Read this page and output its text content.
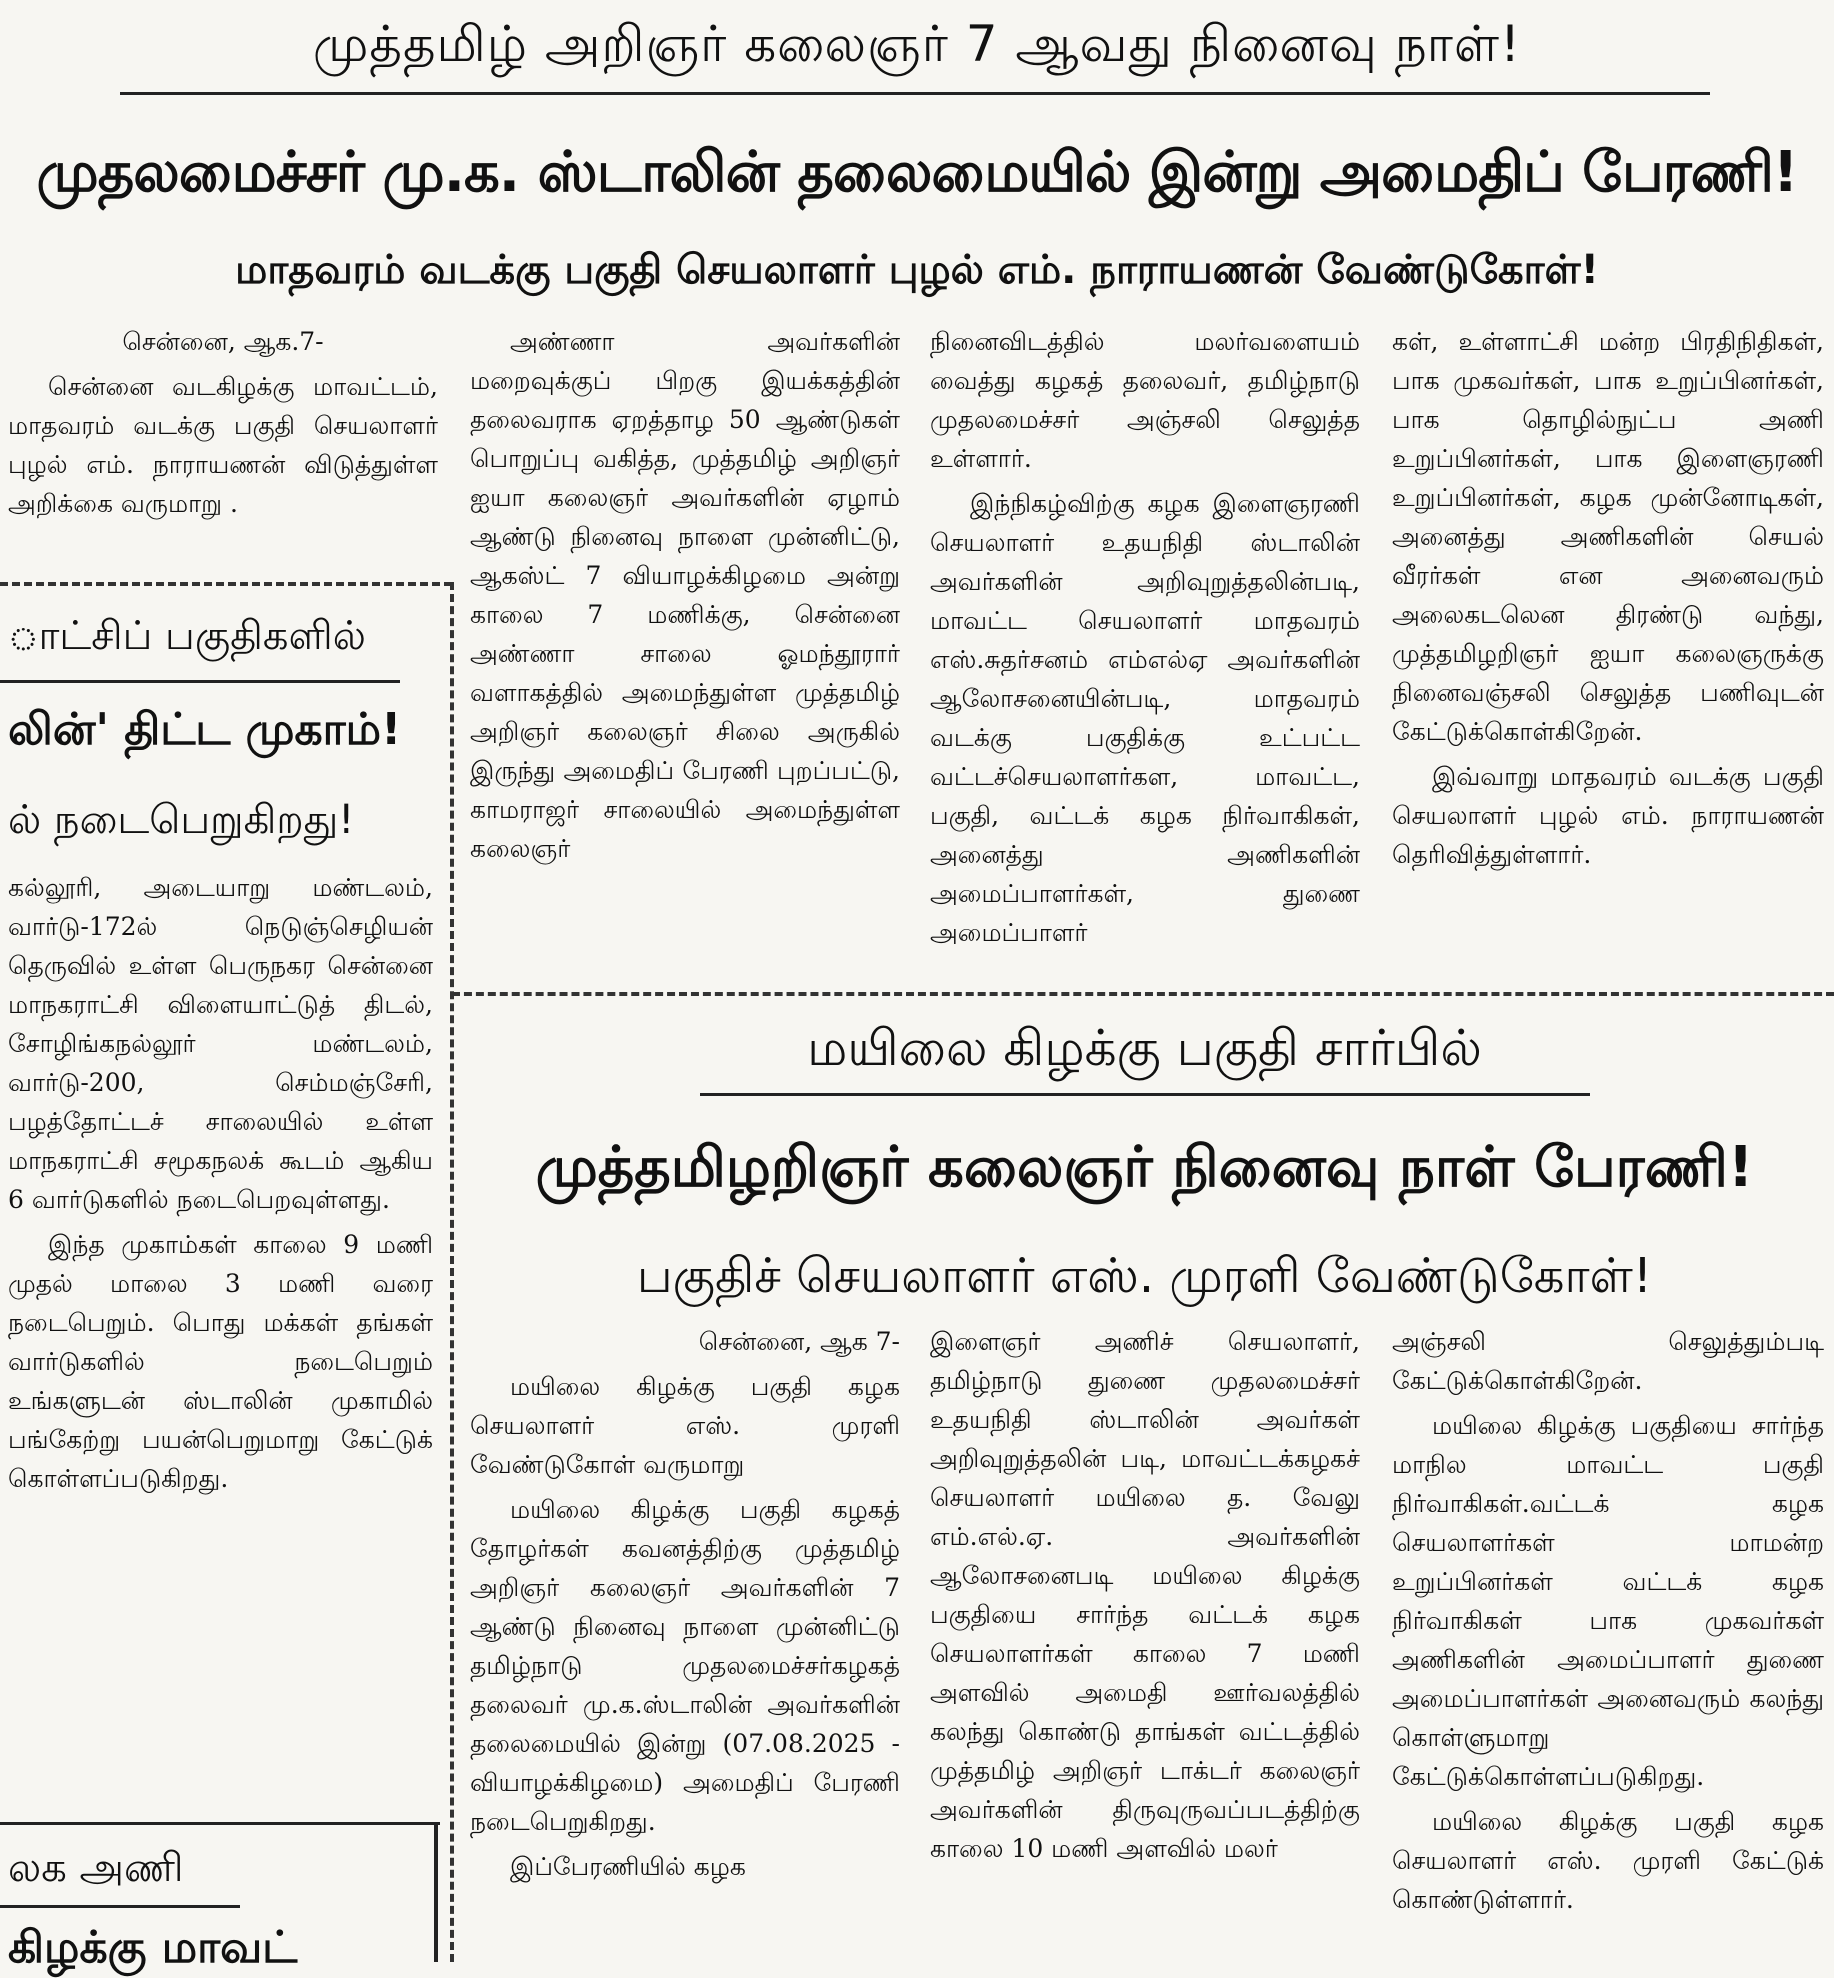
முத்தமிழ் அறிஞர் கலைஞர் 7 ஆவது நினைவு நாள்!
முதலமைச்சர் மு.க. ஸ்டாலின் தலைமையில் இன்று அமைதிப் பேரணி!
மாதவரம் வடக்கு பகுதி செயலாளர் புழல் எம். நாராயணன் வேண்டுகோள்!

சென்னை, ஆக.7-

சென்னை வடகிழக்கு மாவட்டம், மாதவரம் வடக்கு பகுதி செயலாளர் புழல் எம். நாராயணன் விடுத்துள்ள அறிக்கை வருமாறு .

அண்ணா அவர்களின் மறைவுக்குப் பிறகு இயக்கத்தின் தலைவராக ஏறத்தாழ 50 ஆண்டுகள் பொறுப்பு வகித்த, முத்தமிழ் அறிஞர் ஐயா கலைஞர் அவர்களின் ஏழாம் ஆண்டு நினைவு நாளை முன்னிட்டு, ஆகஸ்ட் 7 வியாழக்கிழமை அன்று காலை 7 மணிக்கு, சென்னை அண்ணா சாலை ஓமந்தூரார் வளாகத்தில் அமைந்துள்ள முத்தமிழ் அறிஞர் கலைஞர் சிலை அருகில் இருந்து அமைதிப் பேரணி புறப்பட்டு, காமராஜர் சாலையில் அமைந்துள்ள கலைஞர்

நினைவிடத்தில் மலர்வளையம் வைத்து கழகத் தலைவர், தமிழ்நாடு முதலமைச்சர் அஞ்சலி செலுத்த உள்ளார்.

இந்நிகழ்விற்கு கழக இளைஞரணி செயலாளர் உதயநிதி ஸ்டாலின் அவர்களின் அறிவுறுத்தலின்படி, மாவட்ட செயலாளர் மாதவரம் எஸ்.சுதர்சனம் எம்எல்ஏ அவர்களின் ஆலோசனையின்படி, மாதவரம் வடக்கு பகுதிக்கு உட்பட்ட வட்டச்செயலாளர்கள, மாவட்ட, பகுதி, வட்டக் கழக நிர்வாகிகள், அனைத்து அணிகளின் அமைப்பாளர்கள், துணை அமைப்பாளர்

கள், உள்ளாட்சி மன்ற பிரதிநிதிகள், பாக முகவர்கள், பாக உறுப்பினர்கள், பாக தொழில்நுட்ப அணி உறுப்பினர்கள், பாக இளைஞரணி உறுப்பினர்கள், கழக முன்னோடிகள், அனைத்து அணிகளின் செயல் வீரர்கள் என அனைவரும் அலைகடலென திரண்டு வந்து, முத்தமிழறிஞர் ஐயா கலைஞருக்கு நினைவஞ்சலி செலுத்த பணிவுடன் கேட்டுக்கொள்கிறேன்.

இவ்வாறு மாதவரம் வடக்கு பகுதி செயலாளர் புழல் எம். நாராயணன் தெரிவித்துள்ளார்.

ாட்சிப் பகுதிகளில்
லின்' திட்ட முகாம்!
ல் நடைபெறுகிறது!

கல்லூரி, அடையாறு மண்டலம், வார்டு-172ல் நெடுஞ்செழியன் தெருவில் உள்ள பெருநகர சென்னை மாநகராட்சி விளையாட்டுத் திடல், சோழிங்கநல்லூர் மண்டலம், வார்டு-200, செம்மஞ்சேரி, பழத்தோட்டச் சாலையில் உள்ள மாநகராட்சி சமூகநலக் கூடம் ஆகிய 6 வார்டுகளில் நடைபெறவுள்ளது.

இந்த முகாம்கள் காலை 9 மணி முதல் மாலை 3 மணி வரை நடைபெறும். பொது மக்கள் தங்கள் வார்டுகளில் நடைபெறும் உங்களுடன் ஸ்டாலின் முகாமில் பங்கேற்று பயன்பெறுமாறு கேட்டுக் கொள்ளப்படுகிறது.

லக அணி
கிழக்கு மாவட்
மயிலை கிழக்கு பகுதி சார்பில்
முத்தமிழறிஞர் கலைஞர் நினைவு நாள் பேரணி!
பகுதிச் செயலாளர் எஸ். முரளி வேண்டுகோள்!

சென்னை, ஆக 7-

மயிலை கிழக்கு பகுதி கழக செயலாளர் எஸ். முரளி வேண்டுகோள் வருமாறு

மயிலை கிழக்கு பகுதி கழகத் தோழர்கள் கவனத்திற்கு முத்தமிழ் அறிஞர் கலைஞர் அவர்களின் 7 ஆண்டு நினைவு நாளை முன்னிட்டு தமிழ்நாடு முதலமைச்சர்கழகத் தலைவர் மு.க.ஸ்டாலின் அவர்களின் தலைமையில் இன்று (07.08.2025 - வியாழக்கிழமை) அமைதிப் பேரணி நடைபெறுகிறது.

இப்பேரணியில் கழக

இளைஞர் அணிச் செயலாளர், தமிழ்நாடு துணை முதலமைச்சர் உதயநிதி ஸ்டாலின் அவர்கள் அறிவுறுத்தலின் படி, மாவட்டக்கழகச் செயலாளர் மயிலை த. வேலு எம்.எல்.ஏ. அவர்களின் ஆலோசனைபடி மயிலை கிழக்கு பகுதியை சார்ந்த வட்டக் கழக செயலாளர்கள் காலை 7 மணி அளவில் அமைதி ஊர்வலத்தில் கலந்து கொண்டு தாங்கள் வட்டத்தில் முத்தமிழ் அறிஞர் டாக்டர் கலைஞர் அவர்களின் திருவுருவப்படத்திற்கு காலை 10 மணி அளவில் மலர்

அஞ்சலி செலுத்தும்படி கேட்டுக்கொள்கிறேன்.

மயிலை கிழக்கு பகுதியை சார்ந்த மாநில மாவட்ட பகுதி நிர்வாகிகள்.வட்டக் கழக செயலாளர்கள் மாமன்ற உறுப்பினர்கள் வட்டக் கழக நிர்வாகிகள் பாக முகவர்கள் அணிகளின் அமைப்பாளர் துணை அமைப்பாளர்கள் அனைவரும் கலந்து கொள்ளுமாறு கேட்டுக்கொள்ளப்படுகிறது.

மயிலை கிழக்கு பகுதி கழக செயலாளர் எஸ். முரளி கேட்டுக் கொண்டுள்ளார்.
